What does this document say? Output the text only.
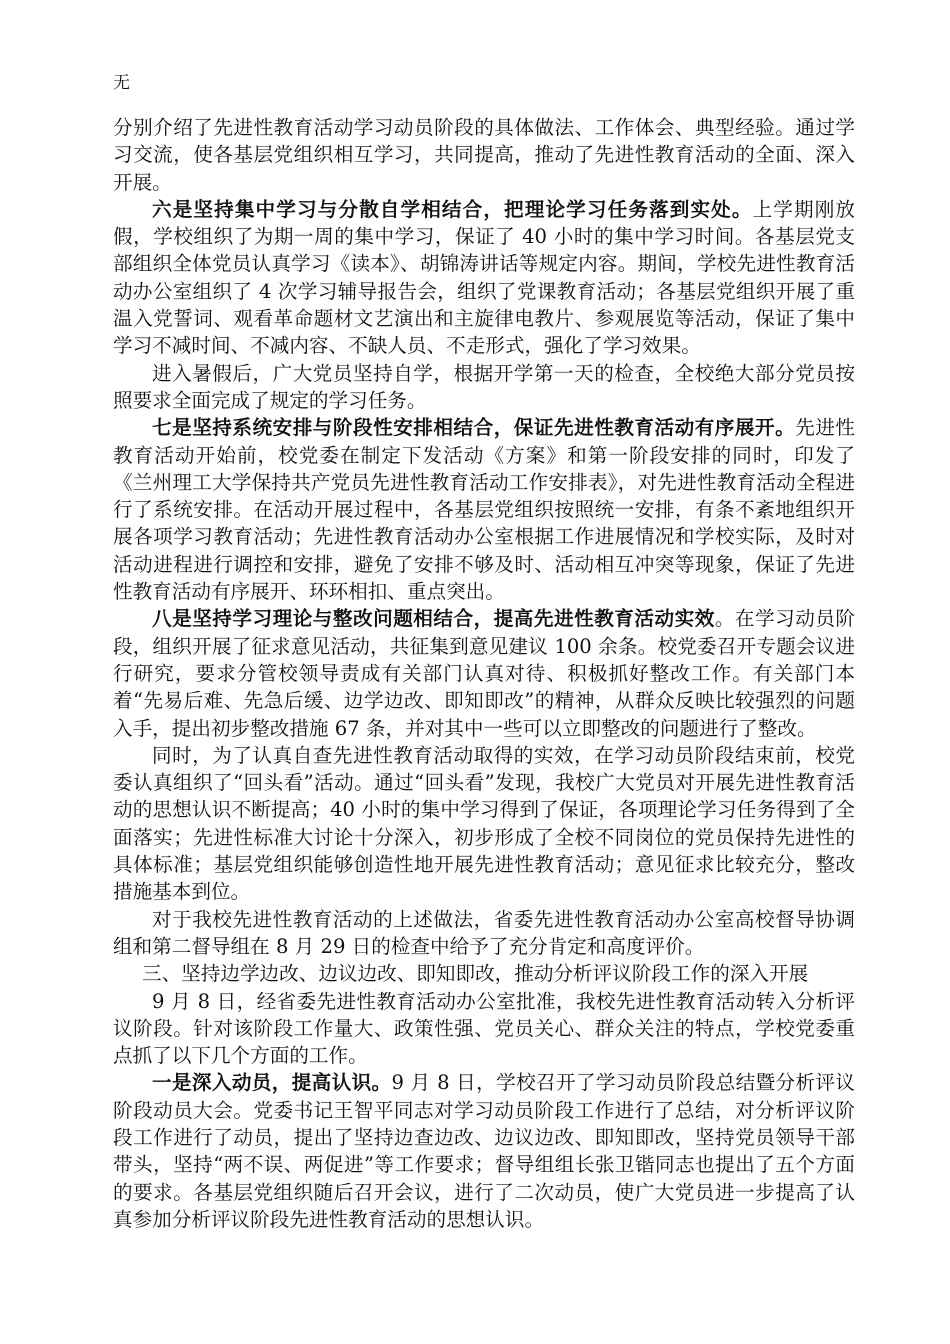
无

分别介绍了先进性教育活动学习动员阶段的具体做法、工作体会、典型经验。通过学习交流，使各基层党组织相互学习，共同提高，推动了先进性教育活动的全面、深入开展。

六是坚持集中学习与分散自学相结合，把理论学习任务落到实处。上学期刚放假，学校组织了为期一周的集中学习，保证了 40 小时的集中学习时间。各基层党支部组织全体党员认真学习《读本》、胡锦涛讲话等规定内容。期间，学校先进性教育活动办公室组织了 4 次学习辅导报告会，组织了党课教育活动；各基层党组织开展了重温入党誓词、观看革命题材文艺演出和主旋律电教片、参观展览等活动，保证了集中学习不减时间、不减内容、不缺人员、不走形式，强化了学习效果。

进入暑假后，广大党员坚持自学，根据开学第一天的检查，全校绝大部分党员按照要求全面完成了规定的学习任务。

七是坚持系统安排与阶段性安排相结合，保证先进性教育活动有序展开。先进性教育活动开始前，校党委在制定下发活动《方案》和第一阶段安排的同时，印发了《兰州理工大学保持共产党员先进性教育活动工作安排表》，对先进性教育活动全程进行了系统安排。在活动开展过程中，各基层党组织按照统一安排，有条不紊地组织开展各项学习教育活动；先进性教育活动办公室根据工作进展情况和学校实际，及时对活动进程进行调控和安排，避免了安排不够及时、活动相互冲突等现象，保证了先进性教育活动有序展开、环环相扣、重点突出。

八是坚持学习理论与整改问题相结合，提高先进性教育活动实效。在学习动员阶段，组织开展了征求意见活动，共征集到意见建议 100 余条。校党委召开专题会议进行研究，要求分管校领导责成有关部门认真对待、积极抓好整改工作。有关部门本着“先易后难、先急后缓、边学边改、即知即改”的精神，从群众反映比较强烈的问题入手，提出初步整改措施 67 条，并对其中一些可以立即整改的问题进行了整改。

同时，为了认真自查先进性教育活动取得的实效，在学习动员阶段结束前，校党委认真组织了“回头看”活动。通过“回头看”发现，我校广大党员对开展先进性教育活动的思想认识不断提高；40 小时的集中学习得到了保证，各项理论学习任务得到了全面落实；先进性标准大讨论十分深入，初步形成了全校不同岗位的党员保持先进性的具体标准；基层党组织能够创造性地开展先进性教育活动；意见征求比较充分，整改措施基本到位。

对于我校先进性教育活动的上述做法，省委先进性教育活动办公室高校督导协调组和第二督导组在 8 月 29 日的检查中给予了充分肯定和高度评价。

三、坚持边学边改、边议边改、即知即改，推动分析评议阶段工作的深入开展

9 月 8 日，经省委先进性教育活动办公室批准，我校先进性教育活动转入分析评议阶段。针对该阶段工作量大、政策性强、党员关心、群众关注的特点，学校党委重点抓了以下几个方面的工作。

一是深入动员，提高认识。9 月 8 日，学校召开了学习动员阶段总结暨分析评议阶段动员大会。党委书记王智平同志对学习动员阶段工作进行了总结，对分析评议阶段工作进行了动员，提出了坚持边查边改、边议边改、即知即改，坚持党员领导干部带头，坚持“两不误、两促进”等工作要求；督导组组长张卫锴同志也提出了五个方面的要求。各基层党组织随后召开会议，进行了二次动员，使广大党员进一步提高了认真参加分析评议阶段先进性教育活动的思想认识。
